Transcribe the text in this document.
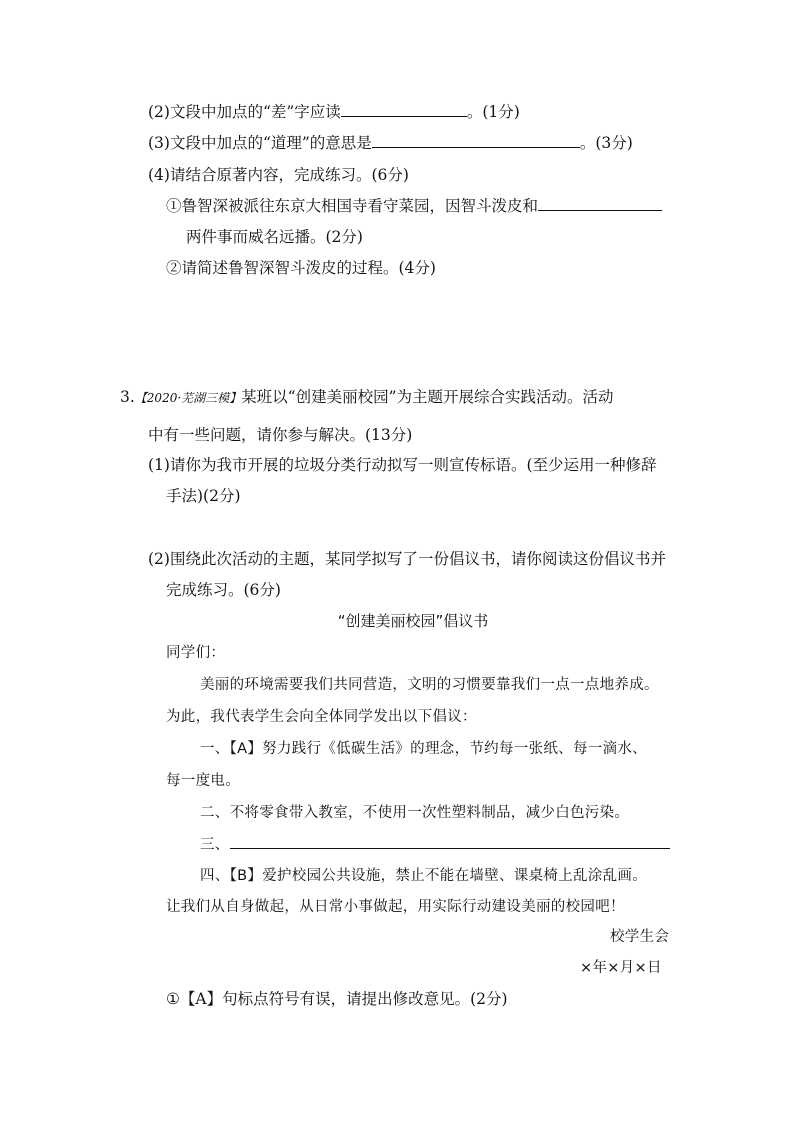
(2)文段中加点的“差”字应读	。(1分)
(3)文段中加点的“道理”的意思是	。(3分)
(4)请结合原著内容，完成练习。(6分)
①鲁智深被派往东京大相国寺看守菜园，因智斗泼皮和
两件事而威名远播。(2分)
②请简述鲁智深智斗泼皮的过程。(4分)
3.【2020·芜湖三模】某班以“创建美丽校园”为主题开展综合实践活动。活动
中有一些问题，请你参与解决。(13分)
(1)请你为我市开展的垃圾分类行动拟写一则宣传标语。(至少运用一种修辞
手法)(2分)
(2)围绕此次活动的主题，某同学拟写了一份倡议书，请你阅读这份倡议书并
完成练习。(6分)
“创建美丽校园”倡议书
同学们：
美丽的环境需要我们共同营造，文明的习惯要靠我们一点一点地养成。
为此，我代表学生会向全体同学发出以下倡议：
一、【A】努力践行《低碳生活》的理念，节约每一张纸、每一滴水、
每一度电。
二、不将零食带入教室，不使用一次性塑料制品，减少白色污染。
三、
四、【B】爱护校园公共设施，禁止不能在墙壁、课桌椅上乱涂乱画。
让我们从自身做起，从日常小事做起，用实际行动建设美丽的校园吧！
校学生会
×年×月×日
①【A】句标点符号有误，请提出修改意见。(2分)
